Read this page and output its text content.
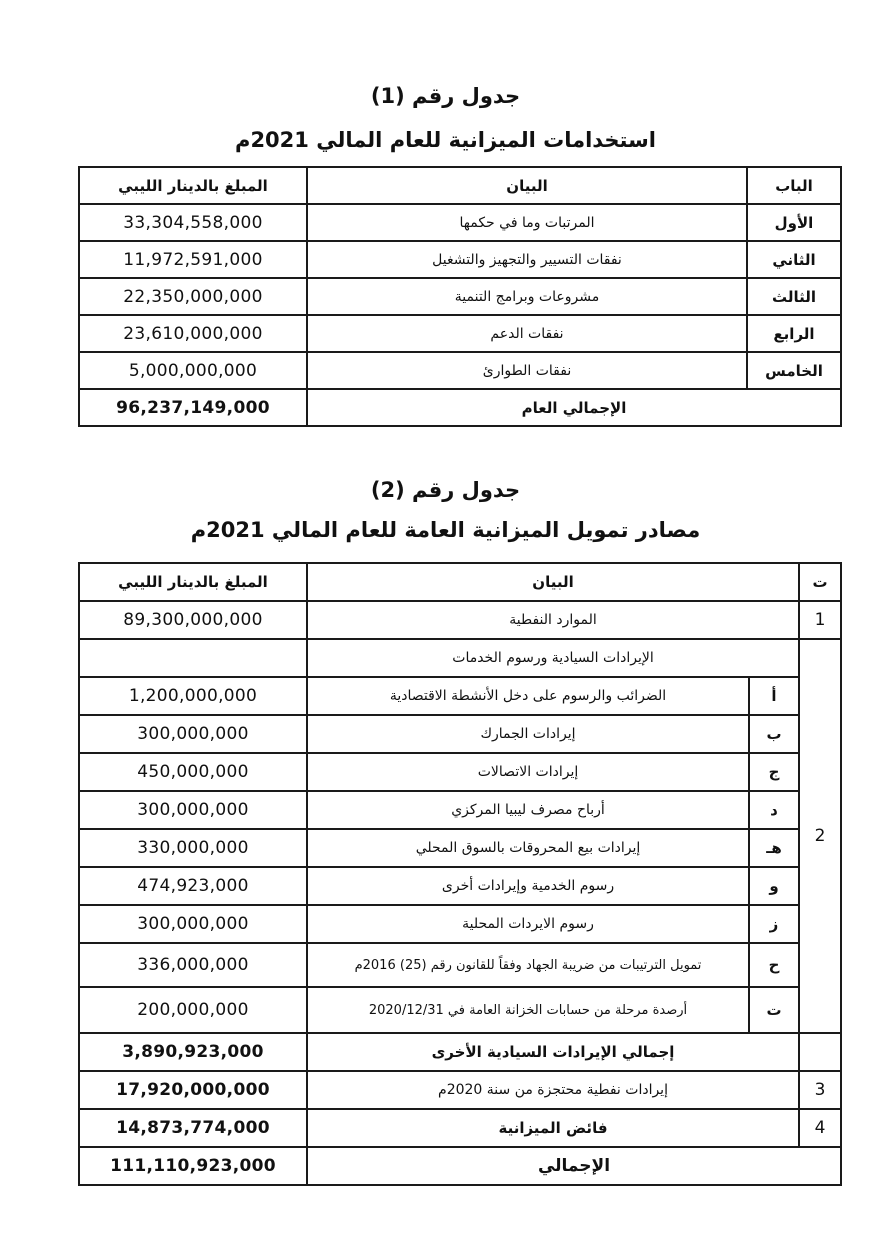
جدول رقم (1)
استخدامات الميزانية للعام المالي 2021م
المبلغ بالدينار الليبي	البيان	الباب
33,304,558,000	المرتبات وما في حكمها	الأول
11,972,591,000	نفقات التسيير والتجهيز والتشغيل	الثاني
22,350,000,000	مشروعات وبرامج التنمية	الثالث
23,610,000,000	نفقات الدعم	الرابع
5,000,000,000	نفقات الطوارئ	الخامس
96,237,149,000	الإجمالي العام	
جدول رقم (2)
مصادر تمويل الميزانية العامة للعام المالي 2021م
المبلغ بالدينار الليبي	البيان		ت
89,300,000,000	الموارد النفطية		1
	الإيرادات السيادية ورسوم الخدمات		2
1,200,000,000	الضرائب والرسوم على دخل الأنشطة الاقتصادية	أ	
300,000,000	إيرادات الجمارك	ب	
450,000,000	إيرادات الاتصالات	ج	
300,000,000	أرباح مصرف ليبيا المركزي	د	
330,000,000	إيرادات بيع المحروقات بالسوق المحلي	هـ	
474,923,000	رسوم الخدمية وإيرادات أخرى	و	
300,000,000	رسوم الايردات المحلية	ز	
336,000,000	تمويل الترتيبات من ضريبة الجهاد وفقاً للقانون رقم (25) 2016م	ح	
200,000,000	أرصدة مرحلة من حسابات الخزانة العامة في 2020/12/31	ت	
3,890,923,000	إجمالي الإيرادات السيادية الأخرى		
17,920,000,000	إيرادات نفطية محتجزة من سنة 2020م		3
14,873,774,000	فائض الميزانية		4
111,110,923,000	الإجمالي		
